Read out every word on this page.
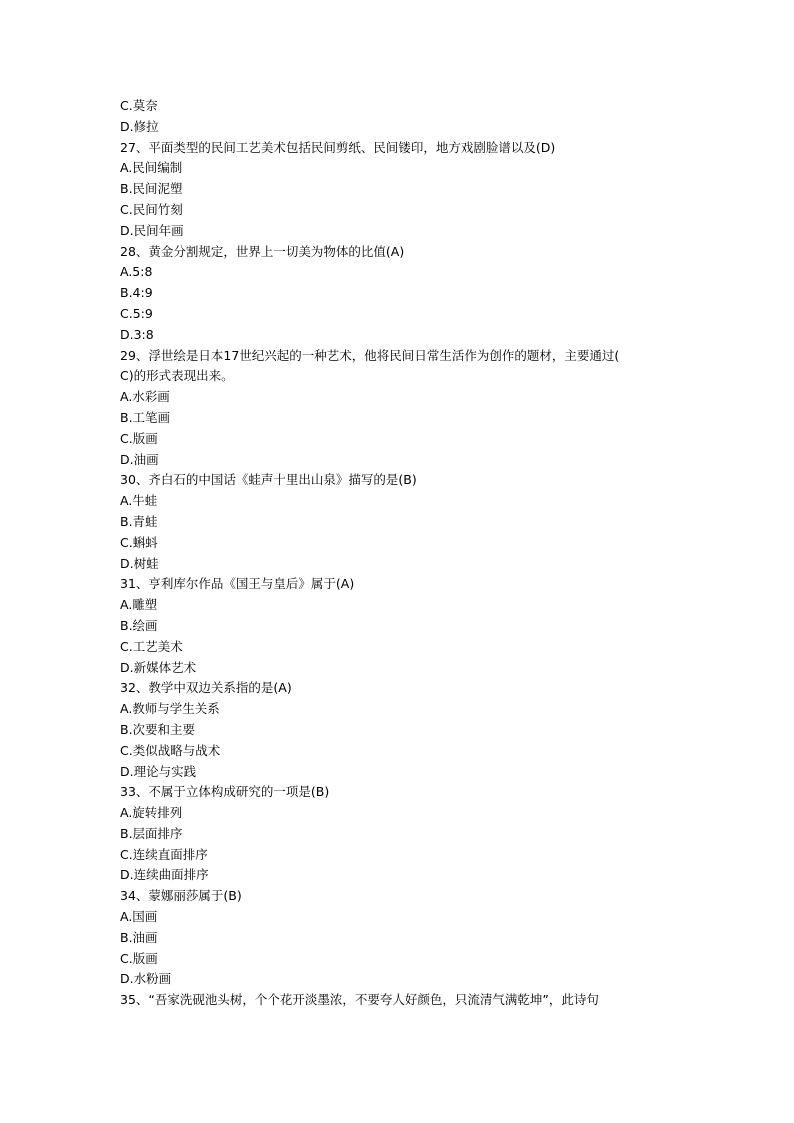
C.莫奈
D.修拉
27、平面类型的民间工艺美术包括民间剪纸、民间镂印，地方戏剧脸谱以及(D)
A.民间编制
B.民间泥塑
C.民间竹刻
D.民间年画
28、黄金分割规定，世界上一切美为物体的比值(A)
A.5:8
B.4:9
C.5:9
D.3:8
29、浮世绘是日本17世纪兴起的一种艺术，他将民间日常生活作为创作的题材，主要通过(
C)的形式表现出来。
A.水彩画
B.工笔画
C.版画
D.油画
30、齐白石的中国话《蛙声十里出山泉》描写的是(B)
A.牛蛙
B.青蛙
C.蝌蚪
D.树蛙
31、亨利库尔作品《国王与皇后》属于(A)
A.雕塑
B.绘画
C.工艺美术
D.新媒体艺术
32、教学中双边关系指的是(A)
A.教师与学生关系
B.次要和主要
C.类似战略与战术
D.理论与实践
33、不属于立体构成研究的一项是(B)
A.旋转排列
B.层面排序
C.连续直面排序
D.连续曲面排序
34、蒙娜丽莎属于(B)
A.国画
B.油画
C.版画
D.水粉画
35、“吾家洗砚池头树，个个花开淡墨浓，不要夸人好颜色，只流清气满乾坤”，此诗句
